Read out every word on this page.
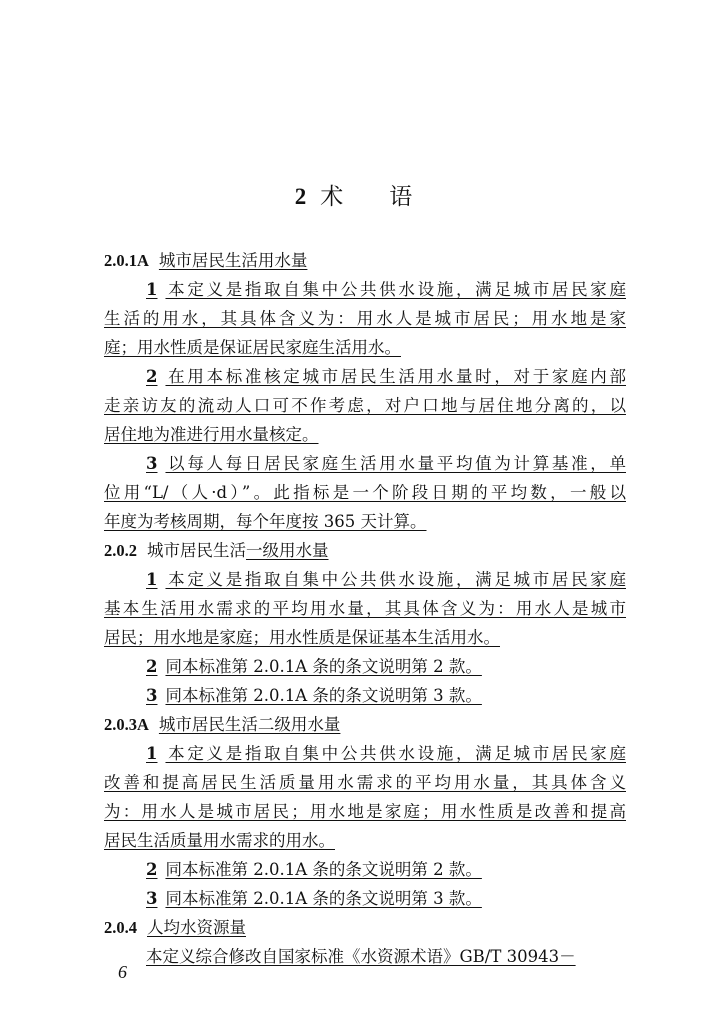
2 术 语
2.0.1A 城市居民生活用水量
1 本定义是指取自集中公共供水设施，满足城市居民家庭
生活的用水，其具体含义为：用水人是城市居民；用水地是家
庭；用水性质是保证居民家庭生活用水。
2 在用本标准核定城市居民生活用水量时，对于家庭内部
走亲访友的流动人口可不作考虑，对户口地与居住地分离的，以
居住地为准进行用水量核定。
3 以每人每日居民家庭生活用水量平均值为计算基准，单
位用“L/（人·d）”。此指标是一个阶段日期的平均数，一般以
年度为考核周期，每个年度按 365 天计算。
2.0.2 城市居民生活一级用水量
1 本定义是指取自集中公共供水设施，满足城市居民家庭
基本生活用水需求的平均用水量，其具体含义为：用水人是城市
居民；用水地是家庭；用水性质是保证基本生活用水。
2 同本标准第 2.0.1A 条的条文说明第 2 款。
3 同本标准第 2.0.1A 条的条文说明第 3 款。
2.0.3A 城市居民生活二级用水量
1 本定义是指取自集中公共供水设施，满足城市居民家庭
改善和提高居民生活质量用水需求的平均用水量，其具体含义
为：用水人是城市居民；用水地是家庭；用水性质是改善和提高
居民生活质量用水需求的用水。
2 同本标准第 2.0.1A 条的条文说明第 2 款。
3 同本标准第 2.0.1A 条的条文说明第 3 款。
2.0.4 人均水资源量
本定义综合修改自国家标准《水资源术语》GB/T 30943－
6
